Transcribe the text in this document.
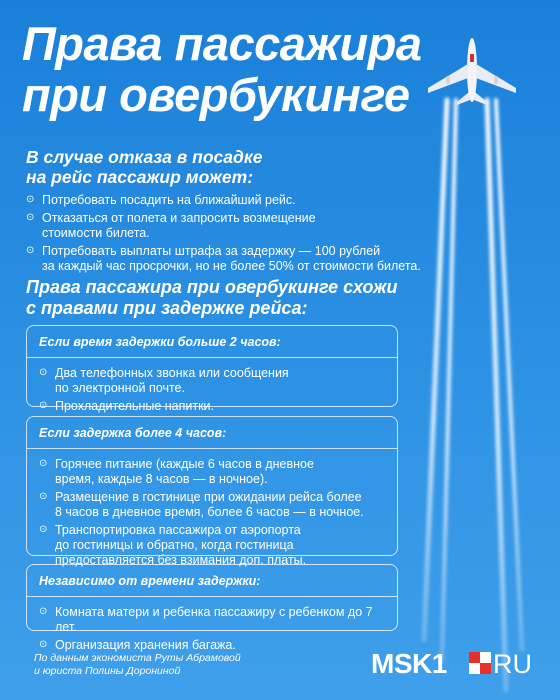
Права пассажира
при овербукинге
В случае отказа в посадке
на рейс пассажир может:
⊙ Потребовать посадить на ближайший рейс.
⊙ Отказаться от полета и запросить возмещение
стоимости билета.
⊙ Потребовать выплаты штрафа за задержку — 100 рублей
за каждый час просрочки, но не более 50% от стоимости билета.
Права пассажира при овербукинге схожи
с правами при задержке рейса:

Если время задержки больше 2 часов:

⊙ Два телефонных звонка или сообщения
по электронной почте.
⊙ Прохладительные напитки.

Если задержка более 4 часов:

⊙ Горячее питание (каждые 6 часов в дневное
время, каждые 8 часов — в ночное).
⊙ Размещение в гостинице при ожидании рейса более
8 часов в дневное время, более 6 часов — в ночное.
⊙ Транспортировка пассажира от аэропорта
до гостиницы и обратно, когда гостиница
предоставляется без взимания доп. платы.

Независимо от времени задержки:

⊙ Комната матери и ребенка пассажиру с ребенком до 7 лет.
⊙ Организация хранения багажа.

По данным экономиста Руты Абрамовой
и юриста Полины Дорониной	MSK1 RU
